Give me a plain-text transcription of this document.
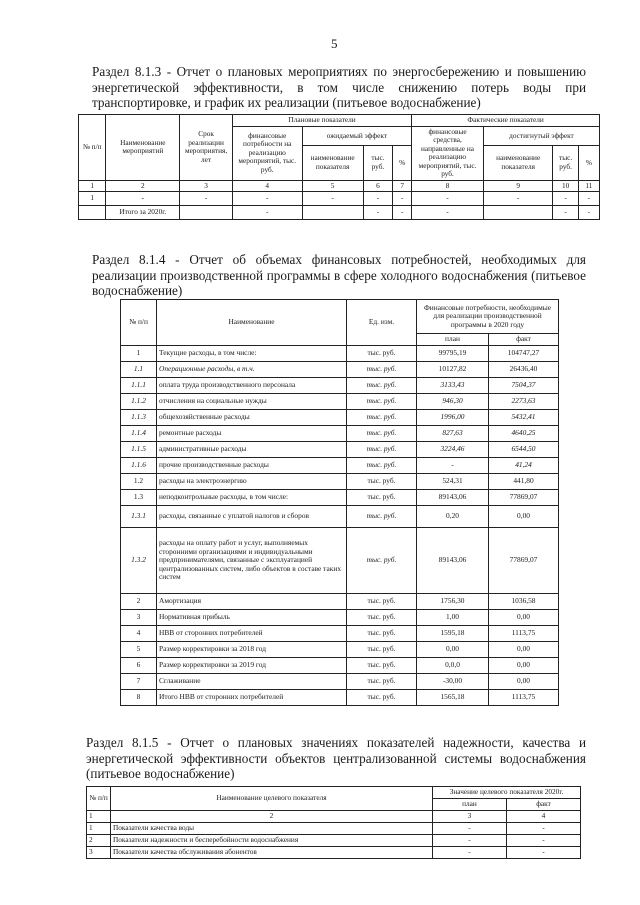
5
Раздел 8.1.3 - Отчет о плановых мероприятиях по энергосбережению и повышению энергетической эффективности, в том числе снижению потерь воды при транспортировке, и график их реализации (питьевое водоснабжение)
№ п/п	Наименование мероприятий	Срок реализации мероприятия, лет	Плановые показатели				Фактические показатели			
			финансовые потребности на реализацию мероприятий, тыс. руб.	ожидаемый эффект			финансовые средства, направленные на реализацию мероприятий, тыс. руб.	достигнутый эффект		
				наименование показателя	тыс. руб.	%		наименование показателя	тыс. руб.	%
1	2	3	4	5	6	7	8	9	10	11
1	-	-	-	-	-	-	-	-	-	-
	Итого за 2020г.		-		-	-	-		-	-
Раздел 8.1.4 - Отчет об объемах финансовых потребностей, необходимых для реализации производственной программы в сфере холодного водоснабжения (питьевое водоснабжение)
№ п/п	Наименование	Ед. изм.	Финансовые потребности, необходимые для реализации производственной программы в 2020 году	
			план	факт
1	Текущие расходы, в том числе:	тыс. руб.	99795,19	104747,27
1.1	Операционные расходы, в т.ч.	тыс. руб.	10127,82	26436,40
1.1.1	оплата труда производственного персонала	тыс. руб.	3133,43	7504,37
1.1.2	отчисления на социальные нужды	тыс. руб.	946,30	2273,63
1.1.3	общехозяйственные расходы	тыс. руб.	1996,00	5432,41
1.1.4	ремонтные расходы	тыс. руб.	827,63	4640,25
1.1.5	административные расходы	тыс. руб.	3224,46	6544,50
1.1.6	прочие производственные расходы	тыс. руб.	-	41,24
1.2	расходы на электроэнергию	тыс. руб.	524,31	441,80
1.3	неподконтрольные расходы, в том числе:	тыс. руб.	89143,06	77869,07
1.3.1	расходы, связанные с уплатой налогов и сборов	тыс. руб.	0,20	0,00
1.3.2	расходы на оплату работ и услуг, выполняемых сторонними организациями и индивидуальными предпринимателями, связанные с эксплуатацией централизованных систем, либо объектов в составе таких систем	тыс. руб.	89143,06	77869,07
2	Амортизация	тыс. руб.	1756,30	1036,58
3	Нормативная прибыль	тыс. руб.	1,00	0,00
4	НВВ от сторонних потребителей	тыс. руб.	1595,18	1113,75
5	Размер корректировки за 2018 год	тыс. руб.	0,00	0,00
6	Размер корректировки за 2019 год	тыс. руб.	0,0,0	0,00
7	Сглаживание	тыс. руб.	-30,00	0,00
8	Итого НВВ от сторонних потребителей	тыс. руб.	1565,18	1113,75
Раздел 8.1.5 - Отчет о плановых значениях показателей надежности, качества и энергетической эффективности объектов централизованной системы водоснабжения (питьевое водоснабжение)
№ п/п	Наименование целевого показателя	Значение целевого показателя 2020г.	
		план	факт
1	2	3	4
1	Показатели качества воды	-	-
2	Показатели надежности и бесперебойности водоснабжения	-	-
3	Показатели качества обслуживания абонентов	-	-
